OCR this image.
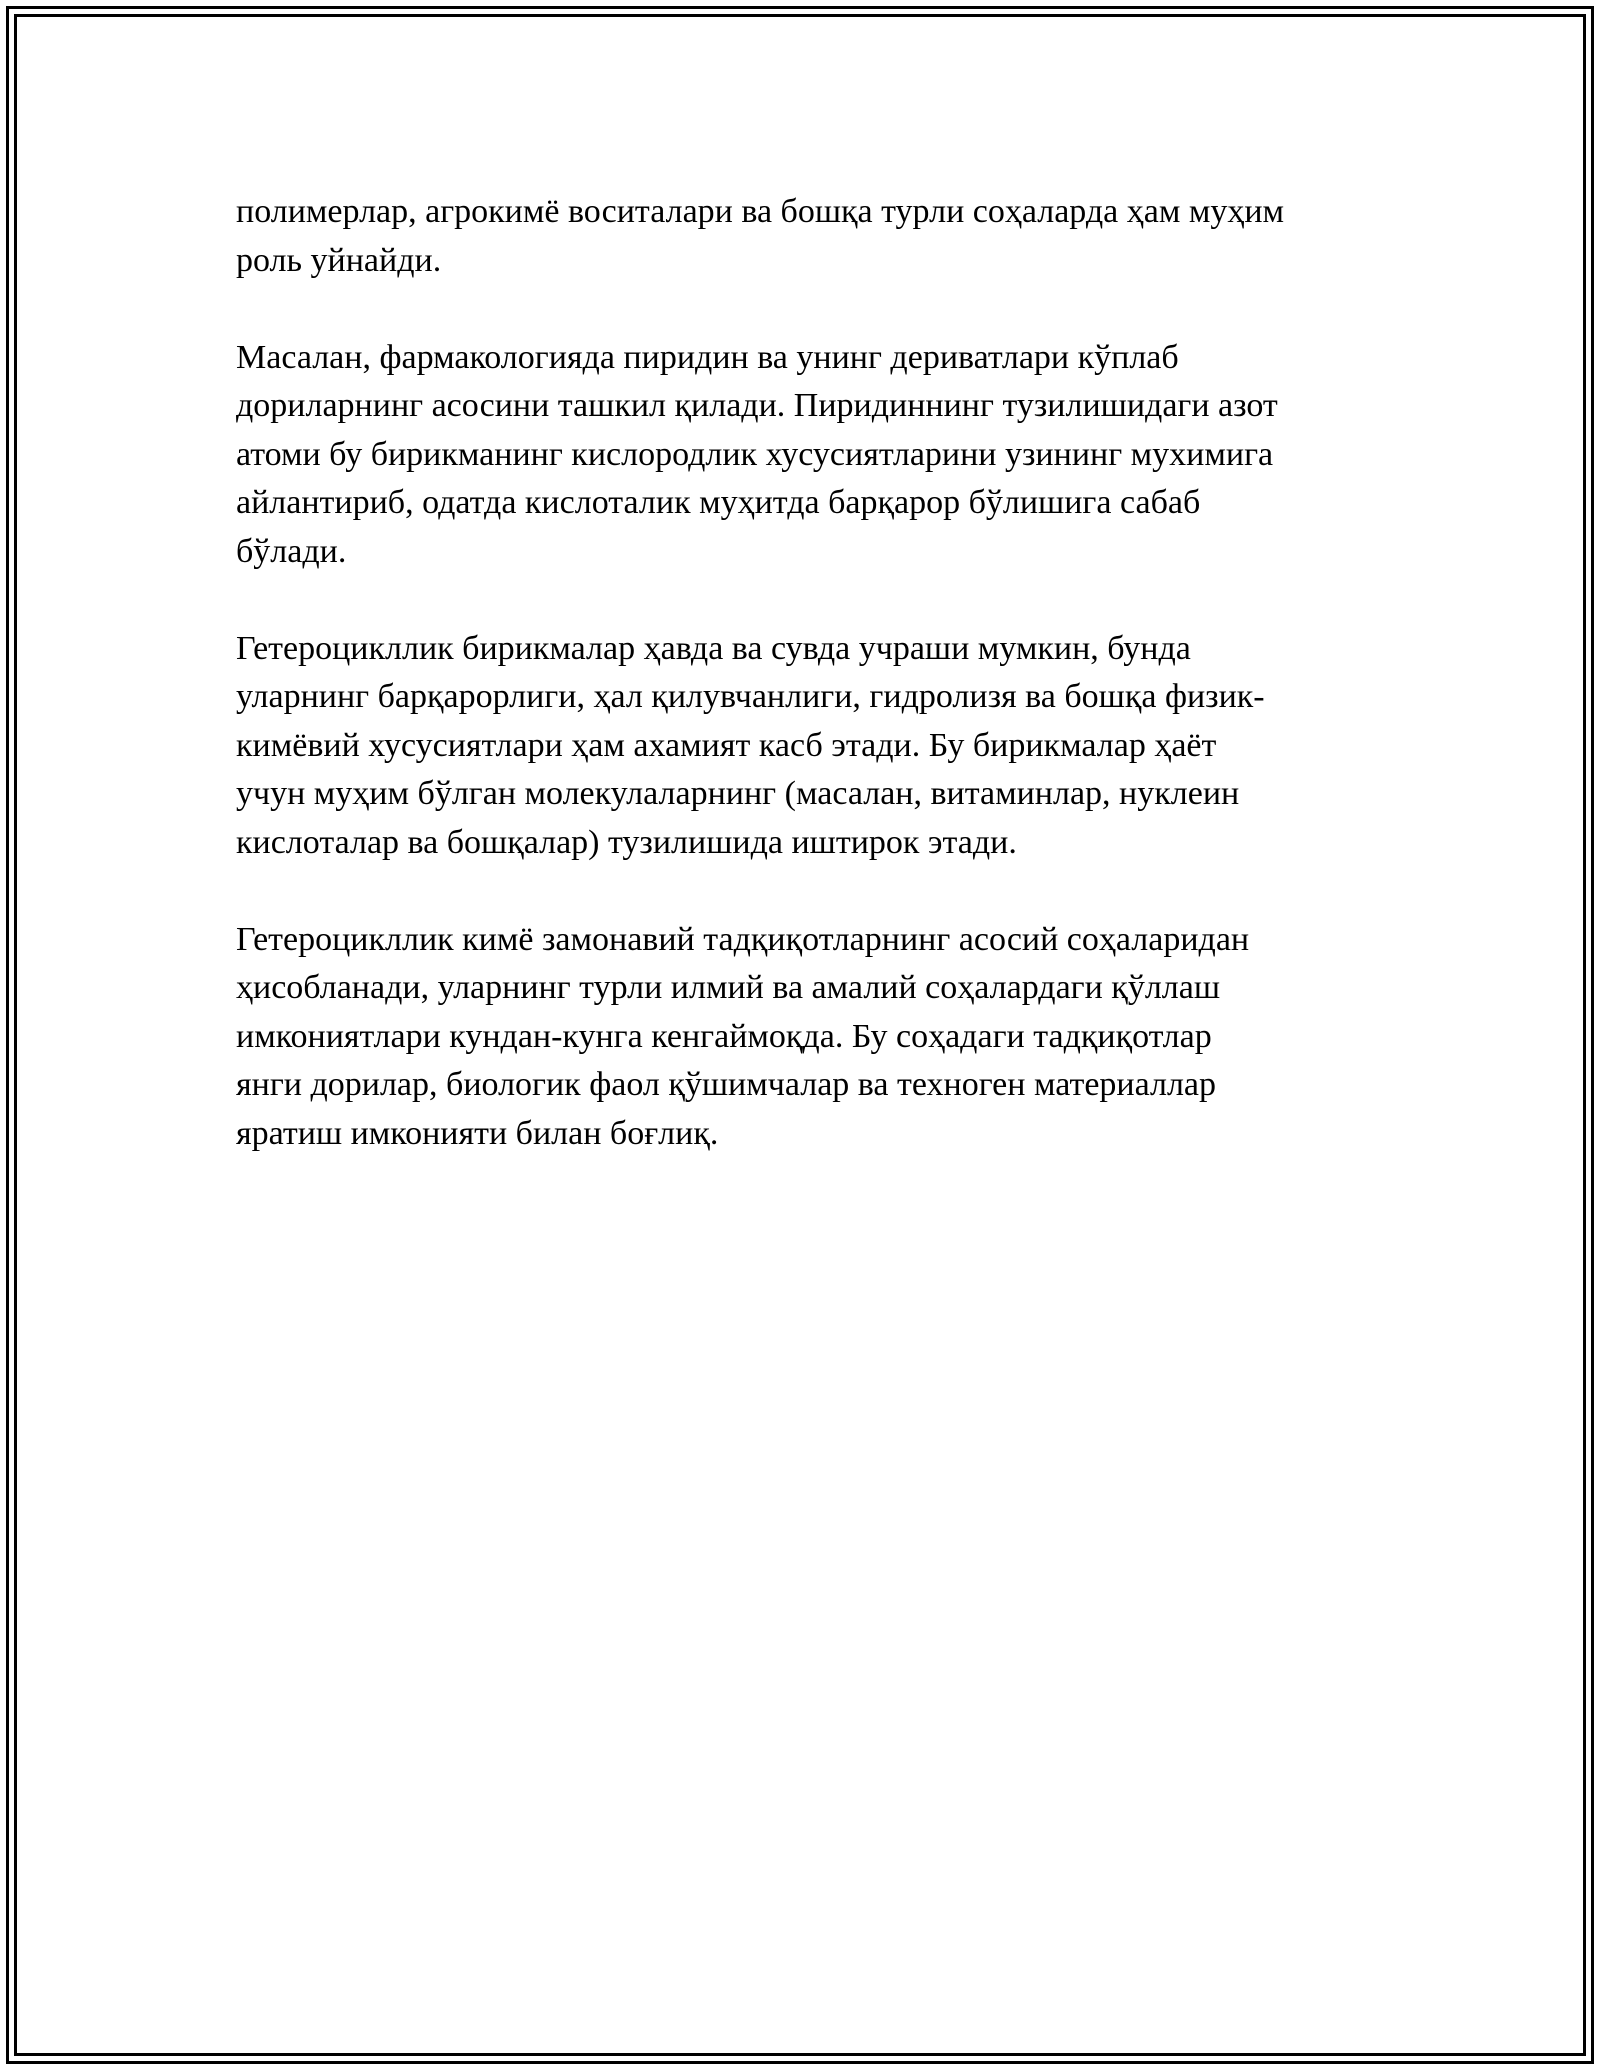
полимерлар, агрокимё воситалари ва бошқа турли соҳаларда ҳам муҳим
роль уйнайди.

Масалан, фармакологияда пиридин ва унинг дериватлари кўплаб
дориларнинг асосини ташкил қилади. Пиридиннинг тузилишидаги азот
атоми бу бирикманинг кислородлик хусусиятларини узининг мухимига
айлантириб, одатда кислоталик муҳитда барқарор бўлишига сабаб
бўлади.

Гетероцикллик бирикмалар ҳавда ва сувда учраши мумкин, бунда
уларнинг барқарорлиги, ҳал қилувчанлиги, гидролизя ва бошқа физик-
кимёвий хусусиятлари ҳам ахамият касб этади. Бу бирикмалар ҳаёт
учун муҳим бўлган молекулаларнинг (масалан, витаминлар, нуклеин
кислоталар ва бошқалар) тузилишида иштирок этади.

Гетероцикллик кимё замонавий тадқиқотларнинг асосий соҳаларидан
ҳисобланади, уларнинг турли илмий ва амалий соҳалардаги қўллаш
имкониятлари кундан-кунга кенгаймоқда. Бу соҳадаги тадқиқотлар
янги дорилар, биологик фаол қўшимчалар ва техноген материаллар
яратиш имконияти билан боғлиқ.
